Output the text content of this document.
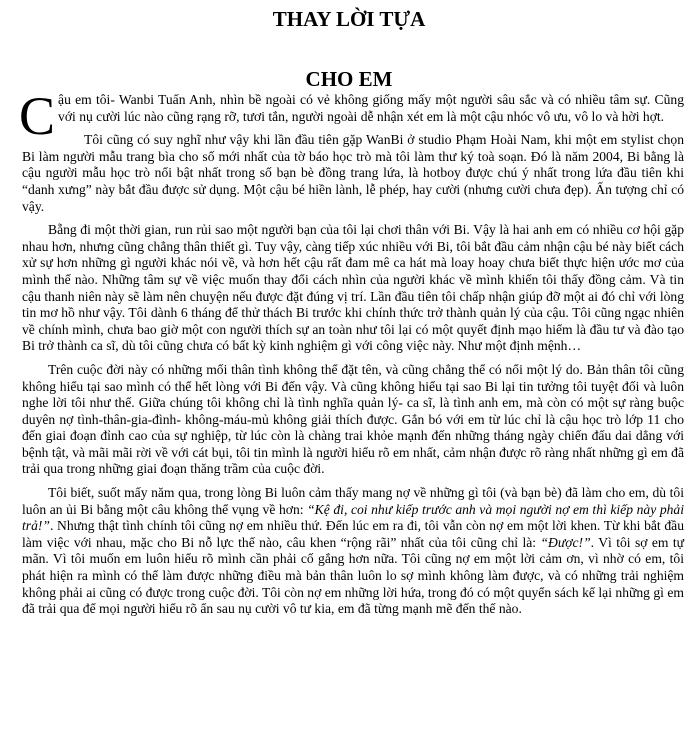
THAY LỜI TỰA
CHO EM

Cậu em tôi- Wanbi Tuấn Anh, nhìn bề ngoài có vẻ không giống mấy một người sâu sắc và có nhiều tâm sự. Cũng với nụ cười lúc nào cũng rạng rỡ, tươi tắn, người ngoài dễ nhận xét em là một cậu nhóc vô ưu, vô lo và hời hợt.

Tôi cũng có suy nghĩ như vậy khi lần đầu tiên gặp WanBi ở studio Phạm Hoài Nam, khi một em stylist chọn Bi làm người mẫu trang bìa cho số mới nhất của tờ báo học trò mà tôi làm thư ký toà soạn. Đó là năm 2004, Bi bằng là cậu người mẫu học trò nổi bật nhất trong số bạn bè đồng trang lứa, là hotboy được chú ý nhất trong lứa đầu tiên khi “danh xưng” này bắt đầu được sử dụng. Một cậu bé hiền lành, lễ phép, hay cười (nhưng cười chưa đẹp). Ấn tượng chỉ có vậy.

Bẵng đi một thời gian, run rủi sao một người bạn của tôi lại chơi thân với Bi. Vậy là hai anh em có nhiều cơ hội gặp nhau hơn, nhưng cũng chẳng thân thiết gì. Tuy vậy, càng tiếp xúc nhiều với Bi, tôi bắt đầu cảm nhận cậu bé này biết cách xử sự hơn những gì người khác nói về, và hơn hết cậu rất đam mê ca hát mà loay hoay chưa biết thực hiện ước mơ của mình thế nào. Những tâm sự về việc muốn thay đổi cách nhìn của người khác về mình khiến tôi thấy đồng cảm. Và tin cậu thanh niên này sẽ làm nên chuyện nếu được đặt đúng vị trí. Lần đầu tiên tôi chấp nhận giúp đỡ một ai đó chỉ với lòng tin mơ hồ như vậy. Tôi dành 6 tháng để thử thách Bi trước khi chính thức trở thành quản lý của cậu. Tôi cũng ngạc nhiên về chính mình, chưa bao giờ một con người thích sự an toàn như tôi lại có một quyết định mạo hiểm là đầu tư và đào tạo Bi trở thành ca sĩ, dù tôi cũng chưa có bất kỳ kinh nghiệm gì với công việc này. Như một định mệnh…

Trên cuộc đời này có những mối thân tình không thể đặt tên, và cũng chẳng thể có nổi một lý do. Bản thân tôi cũng không hiểu tại sao mình có thể hết lòng với Bi đến vậy. Và cũng không hiểu tại sao Bi lại tin tưởng tôi tuyệt đối và luôn nghe lời tôi như thế. Giữa chúng tôi không chỉ là tình nghĩa quản lý- ca sĩ, là tình anh em, mà còn có một sự ràng buộc duyên nợ tình-thân-gia-đình- không-máu-mủ không giải thích được. Gắn bó với em từ lúc chỉ là cậu học trò lớp 11 cho đến giai đoạn đỉnh cao của sự nghiệp, từ lúc còn là chàng trai khỏe mạnh đến những tháng ngày chiến đấu dai dẳng với bệnh tật, và mãi mãi rời về với cát bụi, tôi tin mình là người hiểu rõ em nhất, cảm nhận được rõ ràng nhất những gì em đã trải qua trong những giai đoạn thăng trầm của cuộc đời.

Tôi biết, suốt mấy năm qua, trong lòng Bi luôn cảm thấy mang nợ về những gì tôi (và bạn bè) đã làm cho em, dù tôi luôn an ủi Bi bằng một câu không thể vụng về hơn: “Kệ đi, coi như kiếp trước anh và mọi người nợ em thì kiếp này phải trả!”. Nhưng thật tình chính tôi cũng nợ em nhiều thứ. Đến lúc em ra đi, tôi vẫn còn nợ em một lời khen. Từ khi bắt đầu làm việc với nhau, mặc cho Bi nỗ lực thế nào, câu khen “rộng rãi” nhất của tôi cũng chỉ là: “Được!”. Vì tôi sợ em tự mãn. Vì tôi muốn em luôn hiểu rõ mình cần phải cố gắng hơn nữa. Tôi cũng nợ em một lời cảm ơn, vì nhờ có em, tôi phát hiện ra mình có thể làm được những điều mà bản thân luôn lo sợ mình không làm được, và có những trải nghiệm không phải ai cũng có được trong cuộc đời. Tôi còn nợ em những lời hứa, trong đó có một quyển sách kể lại những gì em đã trải qua để mọi người hiểu rõ ẩn sau nụ cười vô tư kia, em đã từng mạnh mẽ đến thế nào.
